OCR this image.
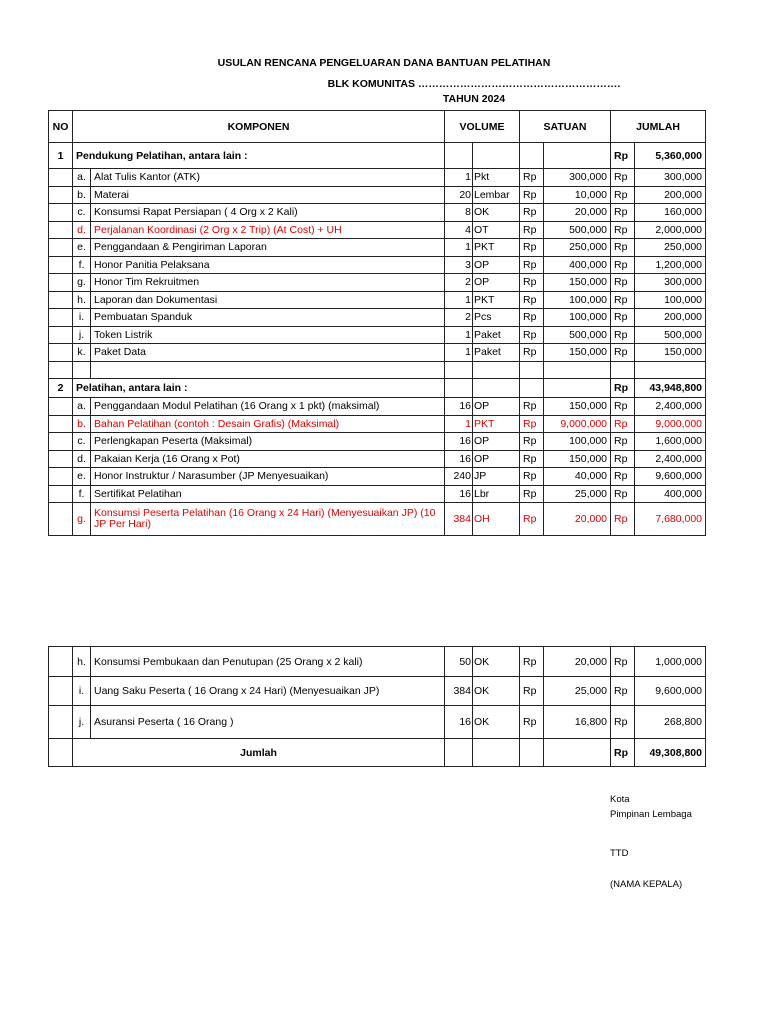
USULAN RENCANA PENGELUARAN DANA BANTUAN PELATIHAN
BLK KOMUNITAS ………………………………………………….
TAHUN 2024
NO	KOMPONEN		VOLUME		SATUAN		JUMLAH	
1	Pendukung Pelatihan, antara lain :						Rp	5,360,000
	a.	Alat Tulis Kantor (ATK)	1	Pkt	Rp	300,000	Rp	300,000
	b.	Materai	20	Lembar	Rp	10,000	Rp	200,000
	c.	Konsumsi Rapat Persiapan ( 4 Org x 2 Kali)	8	OK	Rp	20,000	Rp	160,000
	d.	Perjalanan Koordinasi (2 Org x 2 Trip) (At Cost) + UH	4	OT	Rp	500,000	Rp	2,000,000
	e.	Penggandaan & Pengiriman Laporan	1	PKT	Rp	250,000	Rp	250,000
	f.	Honor Panitia Pelaksana	3	OP	Rp	400,000	Rp	1,200,000
	g.	Honor Tim Rekruitmen	2	OP	Rp	150,000	Rp	300,000
	h.	Laporan dan Dokumentasi	1	PKT	Rp	100,000	Rp	100,000
	i.	Pembuatan Spanduk	2	Pcs	Rp	100,000	Rp	200,000
	j.	Token Listrik	1	Paket	Rp	500,000	Rp	500,000
	k.	Paket Data	1	Paket	Rp	150,000	Rp	150,000

2	Pelatihan, antara lain :						Rp	43,948,800
	a.	Penggandaan Modul Pelatihan (16 Orang x 1 pkt) (maksimal)	16	OP	Rp	150,000	Rp	2,400,000
	b.	Bahan Pelatihan (contoh : Desain Grafis) (Maksimal)	1	PKT	Rp	9,000,000	Rp	9,000,000
	c.	Perlengkapan Peserta (Maksimal)	16	OP	Rp	100,000	Rp	1,600,000
	d.	Pakaian Kerja (16 Orang x Pot)	16	OP	Rp	150,000	Rp	2,400,000
	e.	Honor Instruktur / Narasumber (JP Menyesuaikan)	240	JP	Rp	40,000	Rp	9,600,000
	f.	Sertifikat Pelatihan	16	Lbr	Rp	25,000	Rp	400,000
	g.	Konsumsi Peserta Pelatihan (16 Orang x 24 Hari) (Menyesuaikan JP) (10 JP Per Hari)	384	OH	Rp	20,000	Rp	7,680,000
	h.	Konsumsi Pembukaan dan Penutupan (25 Orang x 2 kali)	50	OK	Rp	20,000	Rp	1,000,000
	i.	Uang Saku Peserta ( 16 Orang x 24 Hari) (Menyesuaikan JP)	384	OK	Rp	25,000	Rp	9,600,000
	j.	Asuransi Peserta ( 16 Orang )	16	OK	Rp	16,800	Rp	268,800
	Jumlah						Rp	49,308,800
Kota
Pimpinan Lembaga
TTD
(NAMA KEPALA)
